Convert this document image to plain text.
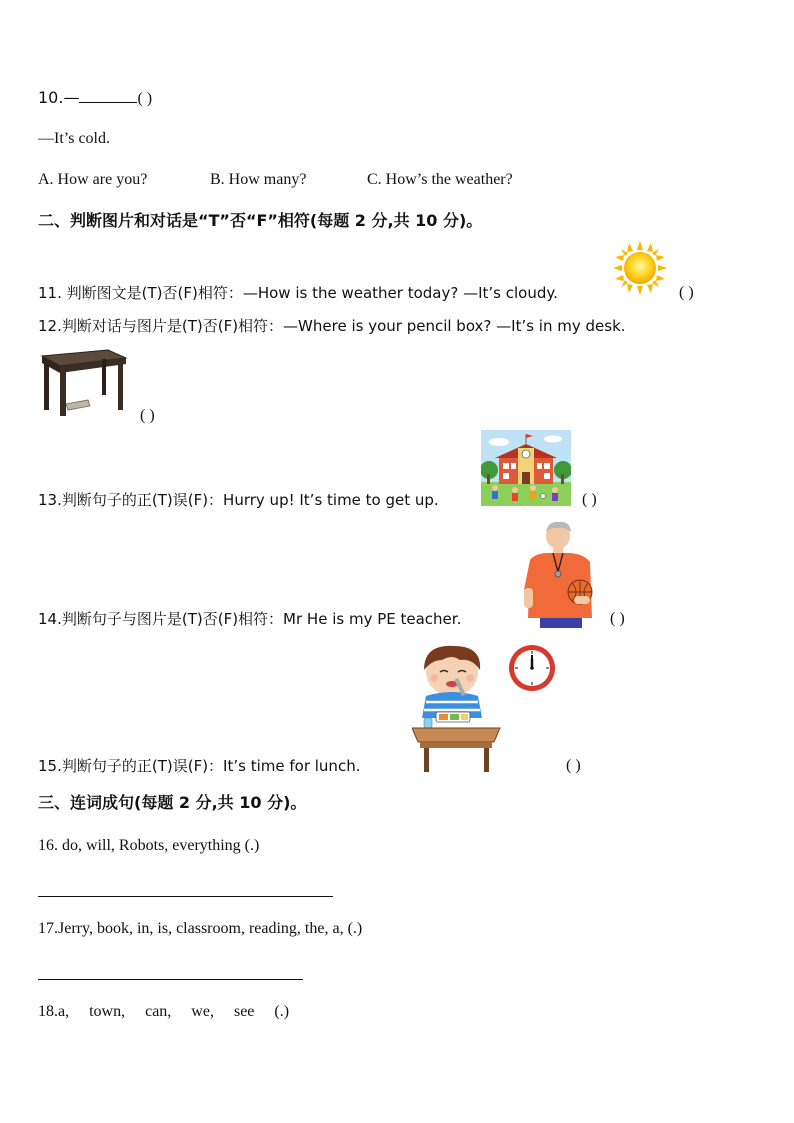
10.—	( )
—It’s cold.
A. How are you?	B. How many?	C. How’s the weather?
二、判断图片和对话是“T”否“F”相符(每题 2 分,共 10 分)。
11. 判断图文是(T)否(F)相符：—How is the weather today? —It’s cloudy.	( )
12.判断对话与图片是(T)否(F)相符：—Where is your pencil box? —It’s in my desk.
( )
13.判断句子的正(T)误(F)：Hurry up! It’s time to get up.	( )
14.判断句子与图片是(T)否(F)相符：Mr He is my PE teacher.	( )
15.判断句子的正(T)误(F)：It’s time for lunch.	( )
三、连词成句(每题 2 分,共 10 分)。
16. do, will, Robots, everything (.)
17.Jerry, book, in, is, classroom, reading, the, a, (.)
18.a,     town,     can,     we,     see     (.)
